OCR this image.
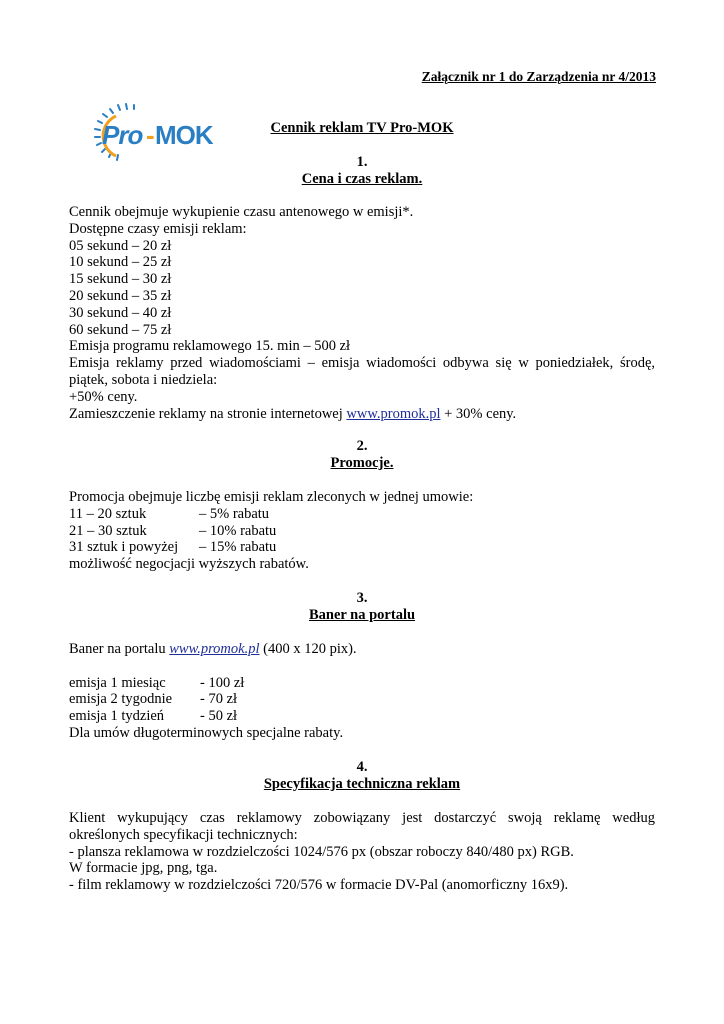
Załącznik nr 1 do Zarządzenia nr 4/2013
Pro - MOK	Cennik reklam TV Pro-MOK
1.
Cena i czas reklam.
Cennik obejmuje wykupienie czasu antenowego w emisji*.
Dostępne czasy emisji reklam:
05 sekund – 20 zł
10 sekund – 25 zł
15 sekund – 30 zł
20 sekund – 35 zł
30 sekund – 40 zł
60 sekund – 75 zł
Emisja programu reklamowego 15. min – 500 zł
Emisja reklamy przed wiadomościami – emisja wiadomości odbywa się w poniedziałek, środę, piątek, sobota i niedziela:
+50% ceny.
Zamieszczenie reklamy na stronie internetowej www.promok.pl + 30% ceny.
2.
Promocje.
Promocja obejmuje liczbę emisji reklam zleconych w jednej umowie:
11 – 20 sztuk	– 5% rabatu
21 – 30 sztuk	– 10% rabatu
31 sztuk i powyżej – 15% rabatu
możliwość negocjacji wyższych rabatów.
3.
Baner na portalu
Baner na portalu www.promok.pl (400 x 120 pix).
emisja 1 miesiąc - 100 zł
emisja 2 tygodnie - 70 zł
emisja 1 tydzień - 50 zł
Dla umów długoterminowych specjalne rabaty.
4.
Specyfikacja techniczna reklam
Klient wykupujący czas reklamowy zobowiązany jest dostarczyć swoją reklamę według określonych specyfikacji technicznych:
- plansza reklamowa w rozdzielczości 1024/576 px (obszar roboczy 840/480 px) RGB.
W formacie jpg, png, tga.
- film reklamowy w rozdzielczości 720/576 w formacie DV-Pal (anomorficzny 16x9).
